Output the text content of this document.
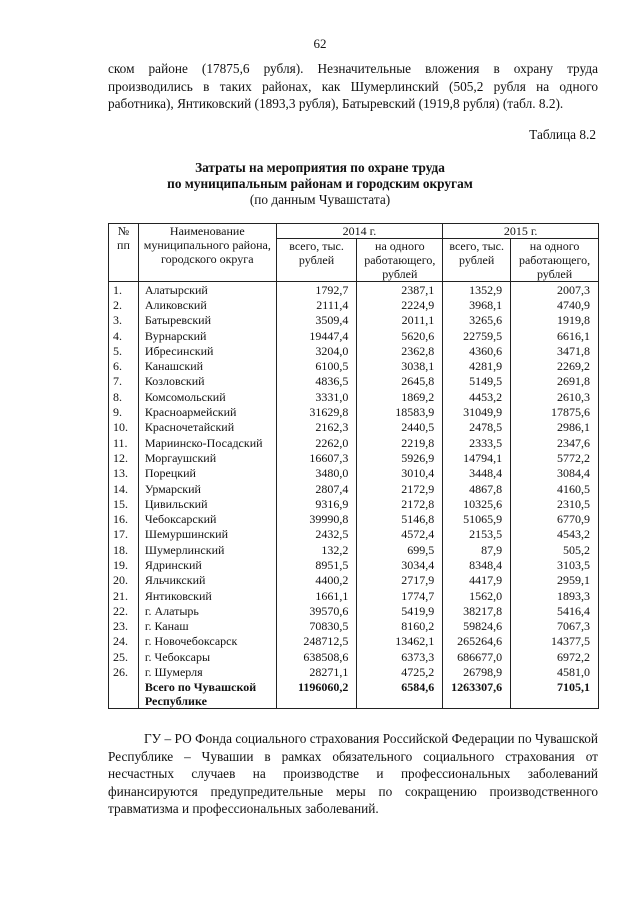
62

ском районе (17875,6 рубля). Незначительные вложения в охрану труда производились в таких районах, как Шумерлинский (505,2 рубля на одного работника), Янтиковский (1893,3 рубля), Батыревский (1919,8 рубля) (табл. 8.2).

Таблица 8.2
Затраты на мероприятия по охране труда
по муниципальным районам и городским округам
(по данным Чувашстата)
№ пп	Наименование муниципального района, городского округа	2014 г.		2015 г.	
		всего, тыс. рублей	на одного работающего, рублей	всего, тыс. рублей	на одного работающего, рублей
1.	Алатырский	1792,7	2387,1	1352,9	2007,3
2.	Аликовский	2111,4	2224,9	3968,1	4740,9
3.	Батыревский	3509,4	2011,1	3265,6	1919,8
4.	Вурнарский	19447,4	5620,6	22759,5	6616,1
5.	Ибресинский	3204,0	2362,8	4360,6	3471,8
6.	Канашский	6100,5	3038,1	4281,9	2269,2
7.	Козловский	4836,5	2645,8	5149,5	2691,8
8.	Комсомольский	3331,0	1869,2	4453,2	2610,3
9.	Красноармейский	31629,8	18583,9	31049,9	17875,6
10.	Красночетайский	2162,3	2440,5	2478,5	2986,1
11.	Мариинско-Посадский	2262,0	2219,8	2333,5	2347,6
12.	Моргаушский	16607,3	5926,9	14794,1	5772,2
13.	Порецкий	3480,0	3010,4	3448,4	3084,4
14.	Урмарский	2807,4	2172,9	4867,8	4160,5
15.	Цивильский	9316,9	2172,8	10325,6	2310,5
16.	Чебоксарский	39990,8	5146,8	51065,9	6770,9
17.	Шемуршинский	2432,5	4572,4	2153,5	4543,2
18.	Шумерлинский	132,2	699,5	87,9	505,2
19.	Ядринский	8951,5	3034,4	8348,4	3103,5
20.	Яльчикский	4400,2	2717,9	4417,9	2959,1
21.	Янтиковский	1661,1	1774,7	1562,0	1893,3
22.	г. Алатырь	39570,6	5419,9	38217,8	5416,4
23.	г. Канаш	70830,5	8160,2	59824,6	7067,3
24.	г. Новочебоксарск	248712,5	13462,1	265264,6	14377,5
25.	г. Чебоксары	638508,6	6373,3	686677,0	6972,2
26.	г. Шумерля	28271,1	4725,2	26798,9	4581,0
	Всего по Чувашской Республике	1196060,2	6584,6	1263307,6	7105,1

ГУ – РО Фонда социального страхования Российской Федерации по Чувашской Республике – Чувашии в рамках обязательного социального страхования от несчастных случаев на производстве и профессиональных заболеваний финансируются предупредительные меры по сокращению производственного травматизма и профессиональных заболеваний.
